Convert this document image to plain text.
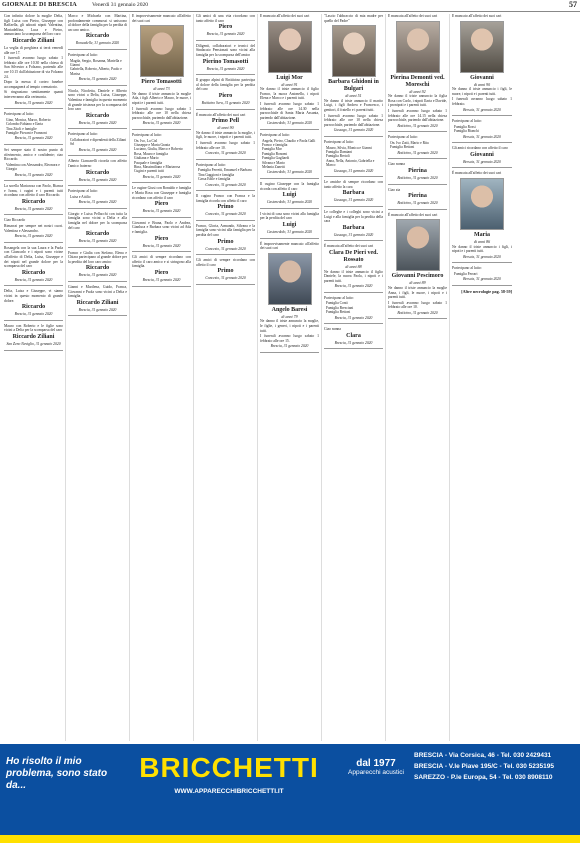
GIORNALE DI BRESCIA	Venerdì 31 gennaio 2020	57

Con infinito dolore la moglie Delia, figli Luisa con Pietro, Giuseppe con Raffaella, gli adorati nipoti Valentina, Mariadelfina, Luca e Pietro, annunciano la scomparsa del loro caro

Riccardo Ziliani

La veglia di preghiera si terrà venerdì alle ore 17.

I funerali avranno luogo sabato 1 febbraio alle ore 10.30 nella chiesa di San Silvestro a Folzano, partendo alle ore 10.15 dall'abitazione di via Folzano 24.

Dopo la messa il corteo funebre accompagnerà al tempio crematorio.

Si ringraziano sentitamente quanti interverranno alla cerimonia.

Brescia, 31 gennaio 2020

Partecipano al lutto:

Gino, Monica, Marco, Roberto
Colombo Fabiano e Ilaria
Tina Zitoli e famiglie
Famiglie Piovani e Franzoni
Brescia, 31 gennaio 2020

Sei sempre stato il nostro punto di riferimento, amico e confidente; ciao Riccardo.

Valentina con Alessandro, Eleonora e Giorgio
Brescia, 31 gennaio 2020

La sorella Mariarosa con Paolo, Bianca e Ivana, i cugini e i parenti tutti ricordano con affetto il caro Riccardo.

Riccardo
Brescia, 31 gennaio 2020

Ciao Riccardo

Rimarrai per sempre nei nostri cuori. Valentina e Alessandro.

Brescia, 31 gennaio 2020

Rosangela con la sua Laura e la Paola con Giancarlo e i nipoti sono vicine all'affetto di Delia, Luisa, Giuseppe e dei nipoti nel grande dolore per la scomparsa del caro

Riccardo
Brescia, 31 gennaio 2020

Delia, Luisa e Giuseppe, vi siamo vicini in questo momento di grande dolore.

Riccardo
Brescia, 31 gennaio 2020

Mauro con Roberto e le figlie sono vicini a Delia per la scomparsa del caro

Riccardo Ziliani
San Zeno Naviglio, 31 gennaio 2020

Marco e Michaela con Martina, profondamente commossi si uniscono al dolore della famiglia per la perdita di un caro amico.

Riccardo
Roncadelle, 31 gennaio 2020

Partecipano al lutto:

Magda, Sergio, Rosanna, Mariella e Gianni
Gabriella, Roberto, Alberto, Paolo e Marisa
Brescia, 31 gennaio 2020

Nicola, Nicoletta, Daniele e Alberto sono vicini a Delia, Luisa, Giuseppe, Valentina e famiglia in questo momento di grande tristezza per la scomparsa del loro caro

Riccardo
Brescia, 31 gennaio 2020

Partecipano al lutto:

Collaboratori e dipendenti della Ziliani Srl
Brescia, 31 gennaio 2020

Alberto Ciancarelli ricorda con affetto l'amico fraterno

Riccardo
Brescia, 31 gennaio 2020

Partecipano al lutto:

Luisa e Attilio
Brescia, 31 gennaio 2020

Giorgio e Luisa Pellacchi con tutta la famiglia sono vicini a Delia e alla famiglia nel dolore per la scomparsa del caro

Riccardo
Brescia, 31 gennaio 2020

Franco e Giulia con Stefano, Elena e Chiara partecipano al grande dolore per la perdita del loro caro amico

Riccardo
Brescia, 31 gennaio 2020

Gianni e Marilena, Guido, Franca, Giovanni e Paola sono vicini a Delia e famiglia.

Riccardo Ziliani
Brescia, 31 gennaio 2020

È improvvisamente mancato all'affetto dei suoi cari

Piero Tomasotti
di anni 73

Ne danno il triste annuncio la moglie Ada, i figli Alberto e Mauro, le nuore, i nipoti e i parenti tutti.

I funerali avranno luogo sabato 1 febbraio alle ore 10 nella chiesa parrocchiale, partendo dall'abitazione.

Brescia, 31 gennaio 2020

Partecipano al lutto:

On. Ivo, La Cisl
Giuseppe e Maria Grazia
Luciano, Giulia, Marco e Roberto
Rosa, Mauro e famiglia
Giuliana e Mario
Pasquale e famiglia
Rina, Massimiliano e Mariarosa
Cugini e parenti tutti
Brescia, 31 gennaio 2020

Le cugine Giusi con Ronaldo e famiglia e Maria Rosa con Giuseppe e famiglia ricordano con affetto il caro

Piero
Brescia, 31 gennaio 2020

Giovanni e Bruna, Paolo e Andrea, Gianluca e Barbara sono vicini ad Ada e famiglia.

Piero
Brescia, 31 gennaio 2020

Gli amici di sempre ricordano con affetto il caro amico e si stringono alla famiglia.

Piero
Brescia, 31 gennaio 2020

Gli amici di una vita ricordano con tanto affetto il caro

Piero
Brescia, 31 gennaio 2020

Diligenti, collaboratori e tecnici del Sindacato Pensionati sono vicini alla famiglia per la scomparsa dell'amico

Pierino Tomasotti
Brescia, 31 gennaio 2020

Il gruppo alpini di Bottiicino partecipa al dolore della famiglia per la perdita del caro

Piero
Botticino Sera, 31 gennaio 2020

È mancato all'affetto dei suoi cari

Primo Pell
di anni 90

Ne danno il triste annuncio la moglie, i figli, le nuore, i nipoti e i parenti tutti.

I funerali avranno luogo sabato 1 febbraio alle ore 10.

Concesio, 31 gennaio 2020

Partecipano al lutto:

Famiglia Ferretti, Emanuel e Barbara
Tina Gaggioni e famiglia
Cassa Edile e famiglia
Concesio, 31 gennaio 2020

Il cugino Franco con Franca e la famiglia ricorda con affetto il caro

Primo
Concesio, 31 gennaio 2020

Franco, Gloria, Armando, Silvana e la famiglia sono vicini alla famiglia per la perdita del caro

Primo
Concesio, 31 gennaio 2020

Gli amici di sempre ricordano con affetto il caro

Primo
Concesio, 31 gennaio 2020

È mancato all'affetto dei suoi cari

Luigi Mor
di anni 91

Ne danno il triste annuncio il figlio Franco, la nuora Antonella, i nipoti Elena e Marco e i parenti tutti.

I funerali avranno luogo sabato 1 febbraio alle ore 14.30 nella parrocchiale di Santa Maria Assunta, partendo dall'abitazione.

Castenedolo, 31 gennaio 2020

Partecipano al lutto:

Angela, Pietro, Claudio e Paola Galli
Franco e famiglia
Famiglia Mor
Famiglia Bonomi
Famiglia Gagliardi
Silvana e Mario
Melania Zanetti
Castenedolo, 31 gennaio 2020

Il cugino Giuseppe con la famiglia ricorda con affetto il caro

Luigi
Castenedolo, 31 gennaio 2020

I vicini di casa sono vicini alla famiglia per la perdita del caro

Luigi
Castenedolo, 31 gennaio 2020

È improvvisamente mancato all'affetto dei suoi cari

Angelo Baresi
di anni 79

Ne danno il triste annuncio la moglie, le figlie, i generi, i nipoti e i parenti tutti.

I funerali avranno luogo sabato 1 febbraio alle ore 15.

Brescia, 31 gennaio 2020

"Lascio l'abbraccio di mia madre per quello del Padre"

Barbara Ghidoni in Bulgari
di anni 51

Ne danno il triste annuncio il marito Luigi, i figli Andrea e Francesco, i genitori, il fratello e i parenti tutti.

I funerali avranno luogo sabato 1 febbraio alle ore 10 nella chiesa parrocchiale, partendo dall'abitazione.

Gussago, 31 gennaio 2020

Partecipano al lutto:

Mauro, Silvia, Monica e Gianni
Famiglia Damiani
Famiglia Bertoli
Anna, Nella, Antonio, Gabriella e Marco
Gussago, 31 gennaio 2020

Le amiche di sempre ricordano con tanto affetto la cara

Barbara
Gussago, 31 gennaio 2020

Le colleghe e i colleghi sono vicini a Luigi e alla famiglia per la perdita della cara

Barbara
Gussago, 31 gennaio 2020

È mancata all'affetto dei suoi cari

Clara De Pieri ved. Rossato
di anni 88

Ne danno il triste annuncio il figlio Daniele, la nuora Paola, i nipoti e i parenti tutti.

Brescia, 31 gennaio 2020

Partecipano al lutto:

Famiglia Conti
Famiglia Bresciani
Famiglia Bettoni
Brescia, 31 gennaio 2020

Ciao nonna

Clara
Brescia, 31 gennaio 2020

È mancata all'affetto dei suoi cari

Pierina Demonti ved. Moreschi
di anni 92

Ne danno il triste annuncio la figlia Rosa con Carlo, i nipoti Ilaria e Davide, i pronipoti e i parenti tutti.

I funerali avranno luogo sabato 1 febbraio alle ore 14.15 nella chiesa parrocchiale, partendo dall'abitazione.

Botticino, 31 gennaio 2020

Partecipano al lutto:

On. Ivo Zatti, Mario e Rita
Famiglia Bettoni
Botticino, 31 gennaio 2020

Ciao nonna

Pierina
Botticino, 31 gennaio 2020

Ciao zia

Pierina
Botticino, 31 gennaio 2020

È mancato all'affetto dei suoi cari

Giovanni Pescimoro
di anni 89

Ne danno il triste annuncio la moglie Anna, i figli, le nuore, i nipoti e i parenti tutti.

I funerali avranno luogo sabato 1 febbraio alle ore 10.

Botticino, 31 gennaio 2020

È mancato all'affetto dei suoi cari

Giovanni
di anni 90

Ne danno il triste annuncio i figli, le nuore, i nipoti e i parenti tutti.

I funerali avranno luogo sabato 1 febbraio.

Brescia, 31 gennaio 2020

Partecipano al lutto:

Famiglia Rossi
Famiglia Bianchi
Brescia, 31 gennaio 2020

Gli amici ricordano con affetto il caro

Giovanni
Brescia, 31 gennaio 2020

È mancata all'affetto dei suoi cari

Maria
di anni 86

Ne danno il triste annuncio i figli, i nipoti e i parenti tutti.

Brescia, 31 gennaio 2020

Partecipano al lutto:

Famiglia Ferrari
Brescia, 31 gennaio 2020
[Altre necrologie pag. 58-59]
Ho risolto il mio problema, sono stato da...
BRICCHETTI
WWW.APPARECCHIBRICCHETTI.IT
dal 1977
Apparecchi acustici
BRESCIA - Via Corsica, 46 - Tel. 030 2429431
BRESCIA - V.le Piave 195/C - Tel. 030 5235195
SAREZZO - P.le Europa, 54 - Tel. 030 8908110
